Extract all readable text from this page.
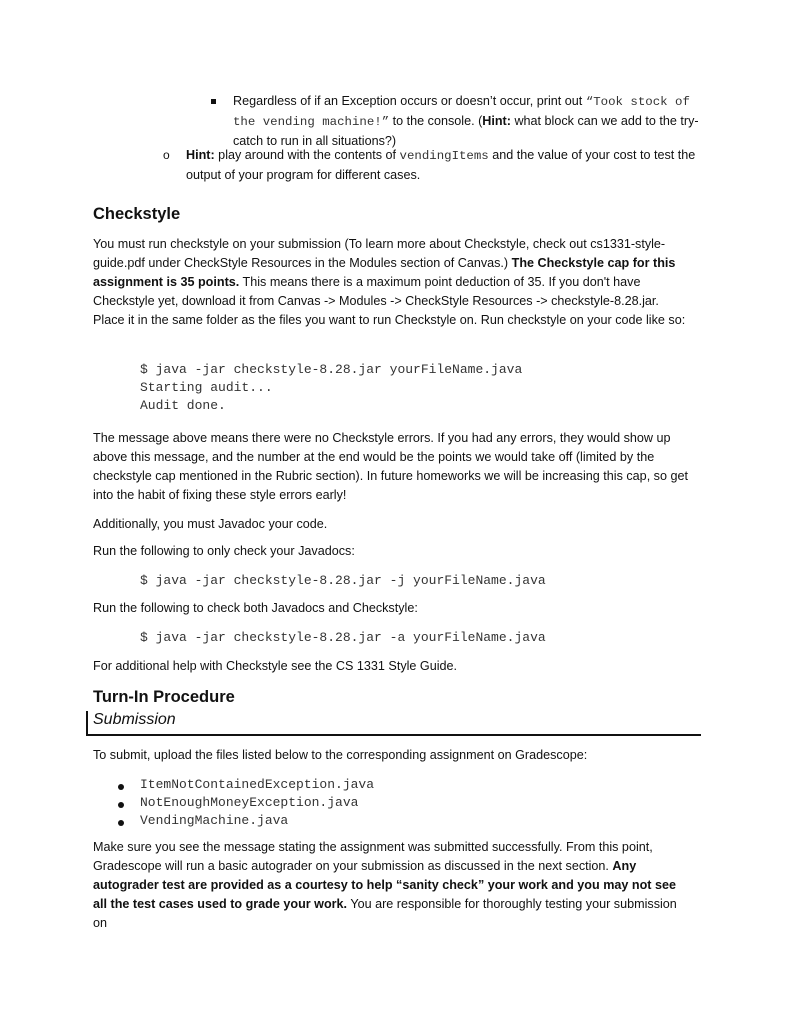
Regardless of if an Exception occurs or doesn’t occur, print out “Took stock of the vending machine!” to the console. (Hint: what block can we add to the try-catch to run in all situations?)
o Hint: play around with the contents of vendingItems and the value of your cost to test the output of your program for different cases.
Checkstyle
You must run checkstyle on your submission (To learn more about Checkstyle, check out cs1331-style-guide.pdf under CheckStyle Resources in the Modules section of Canvas.) The Checkstyle cap for this assignment is 35 points. This means there is a maximum point deduction of 35. If you don't have Checkstyle yet, download it from Canvas -> Modules -> CheckStyle Resources -> checkstyle-8.28.jar. Place it in the same folder as the files you want to run Checkstyle on. Run checkstyle on your code like so:
$ java -jar checkstyle-8.28.jar yourFileName.java
Starting audit...
Audit done.
The message above means there were no Checkstyle errors. If you had any errors, they would show up above this message, and the number at the end would be the points we would take off (limited by the checkstyle cap mentioned in the Rubric section). In future homeworks we will be increasing this cap, so get into the habit of fixing these style errors early!
Additionally, you must Javadoc your code.
Run the following to only check your Javadocs:
$ java -jar checkstyle-8.28.jar -j yourFileName.java
Run the following to check both Javadocs and Checkstyle:
$ java -jar checkstyle-8.28.jar -a yourFileName.java
For additional help with Checkstyle see the CS 1331 Style Guide.
Turn-In Procedure
Submission
To submit, upload the files listed below to the corresponding assignment on Gradescope:
ItemNotContainedException.java
NotEnoughMoneyException.java
VendingMachine.java
Make sure you see the message stating the assignment was submitted successfully. From this point, Gradescope will run a basic autograder on your submission as discussed in the next section. Any autograder test are provided as a courtesy to help “sanity check” your work and you may not see all the test cases used to grade your work. You are responsible for thoroughly testing your submission on
